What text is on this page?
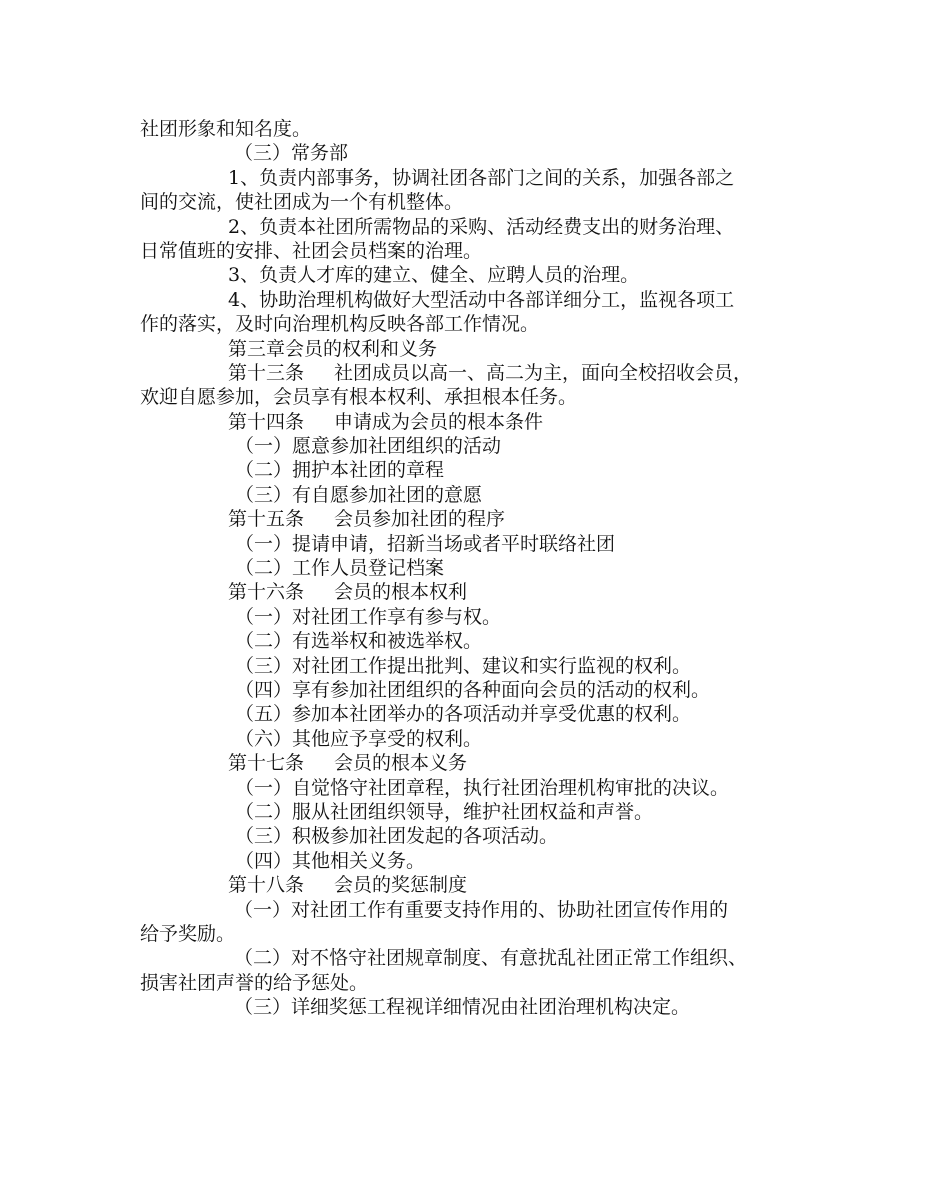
社团形象和知名度。
（三）常务部
1、负责内部事务，协调社团各部门之间的关系，加强各部之
间的交流，使社团成为一个有机整体。
2、负责本社团所需物品的采购、活动经费支出的财务治理、
日常值班的安排、社团会员档案的治理。
3、负责人才库的建立、健全、应聘人员的治理。
4、协助治理机构做好大型活动中各部详细分工，监视各项工
作的落实，及时向治理机构反映各部工作情况。
第三章会员的权利和义务
第十三条 社团成员以高一、高二为主，面向全校招收会员，
欢迎自愿参加，会员享有根本权利、承担根本任务。
第十四条 申请成为会员的根本条件
（一）愿意参加社团组织的活动
（二）拥护本社团的章程
（三）有自愿参加社团的意愿
第十五条 会员参加社团的程序
（一）提请申请，招新当场或者平时联络社团
（二）工作人员登记档案
第十六条 会员的根本权利
（一）对社团工作享有参与权。
（二）有选举权和被选举权。
（三）对社团工作提出批判、建议和实行监视的权利。
（四）享有参加社团组织的各种面向会员的活动的权利。
（五）参加本社团举办的各项活动并享受优惠的权利。
（六）其他应予享受的权利。
第十七条 会员的根本义务
（一）自觉恪守社团章程，执行社团治理机构审批的决议。
（二）服从社团组织领导，维护社团权益和声誉。
（三）积极参加社团发起的各项活动。
（四）其他相关义务。
第十八条 会员的奖惩制度
（一）对社团工作有重要支持作用的、协助社团宣传作用的
给予奖励。
（二）对不恪守社团规章制度、有意扰乱社团正常工作组织、
损害社团声誉的给予惩处。
（三）详细奖惩工程视详细情况由社团治理机构决定。
